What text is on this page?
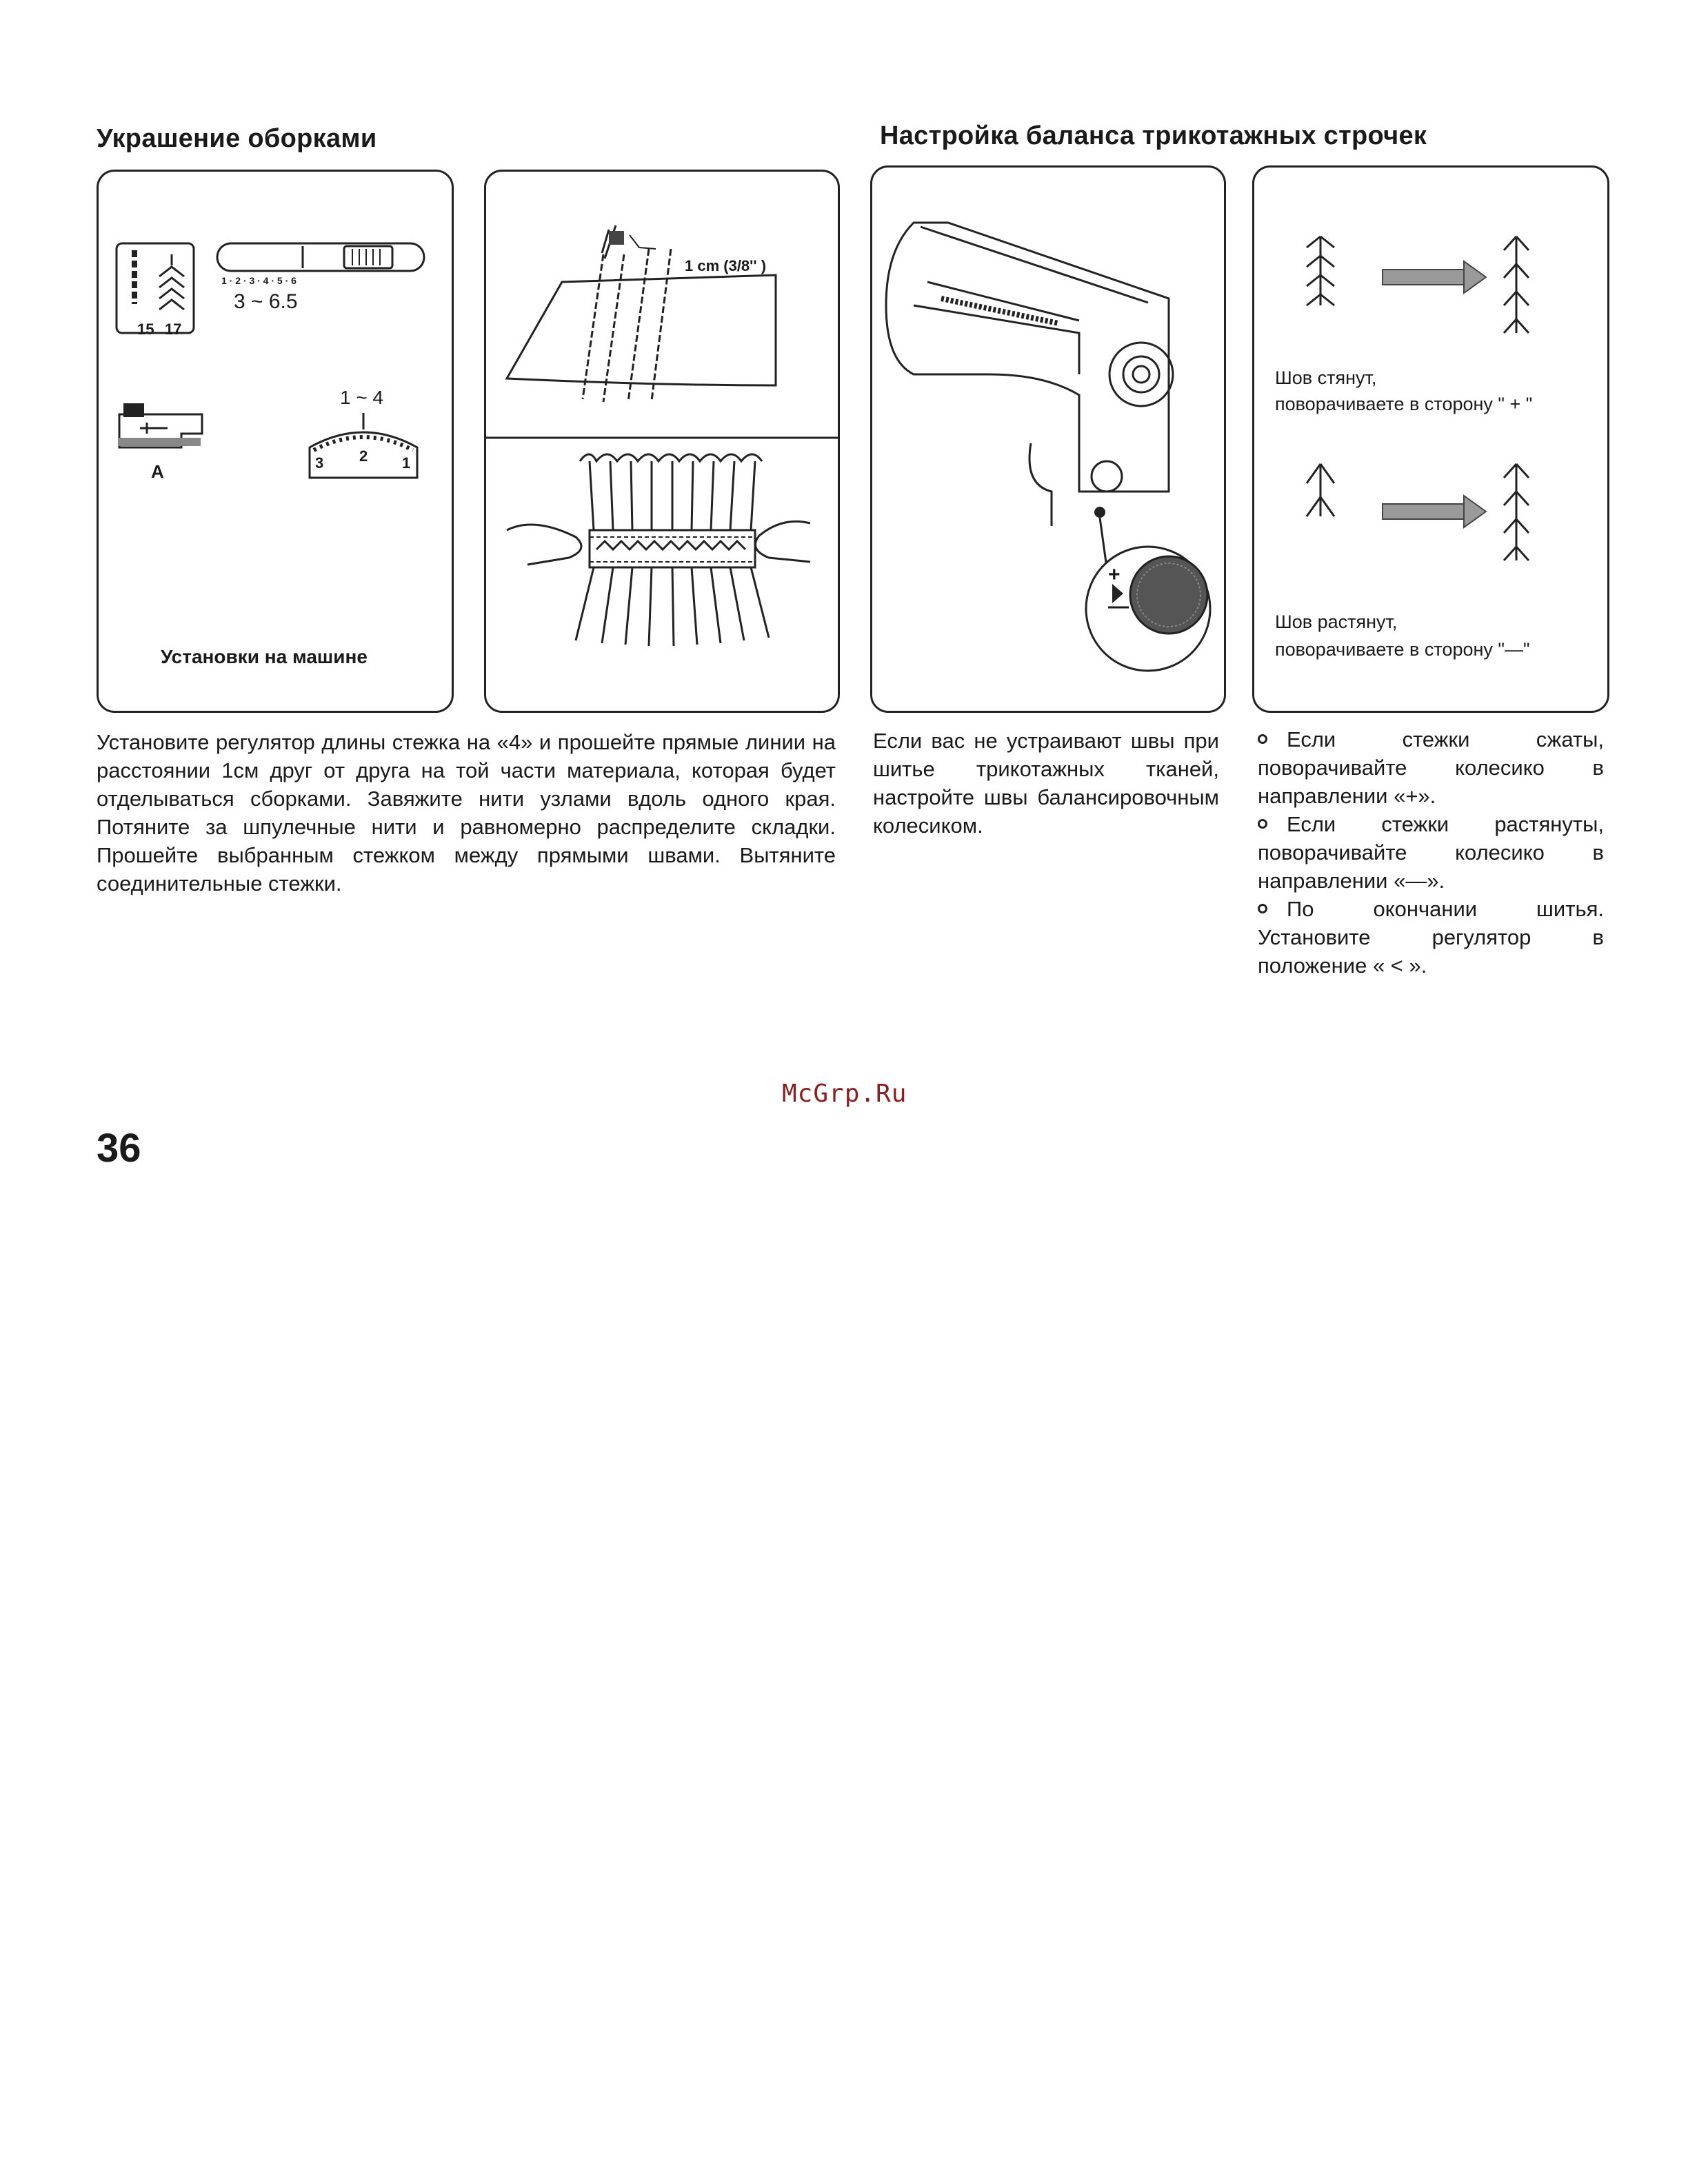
Украшение оборками	Настройка баланса трикотажных строчек
15 17
1 · 2 · 3 · 4 · 5 · 6
3 ~ 6.5
A
1 ~ 4
3 2 1
Установки на машине
1 cm (3/8'' )
+
—
Шов стянут,
поворачиваете в сторону " + "
Шов растянут,
поворачиваете в сторону "—"

Установите регулятор длины стежка на «4» и прошейте прямые линии на расстоянии 1см друг от друга на той части материала, которая будет отделываться сборками. Завяжите нити узлами вдоль одного края. Потяните за шпулечные нити и равномерно распределите складки. Прошейте выбранным стежком между прямыми швами. Вытяните соединительные стежки.

Если вас не устраивают швы при шитье трикотажных тканей, настройте швы балансировочным колесиком.

Если стежки сжаты, поворачивайте колесико в направлении «+».

Если стежки растянуты, поворачивайте колесико в направлении «—».

По окончании шитья. Установите регулятор в положение « < ».

McGrp.Ru
36
